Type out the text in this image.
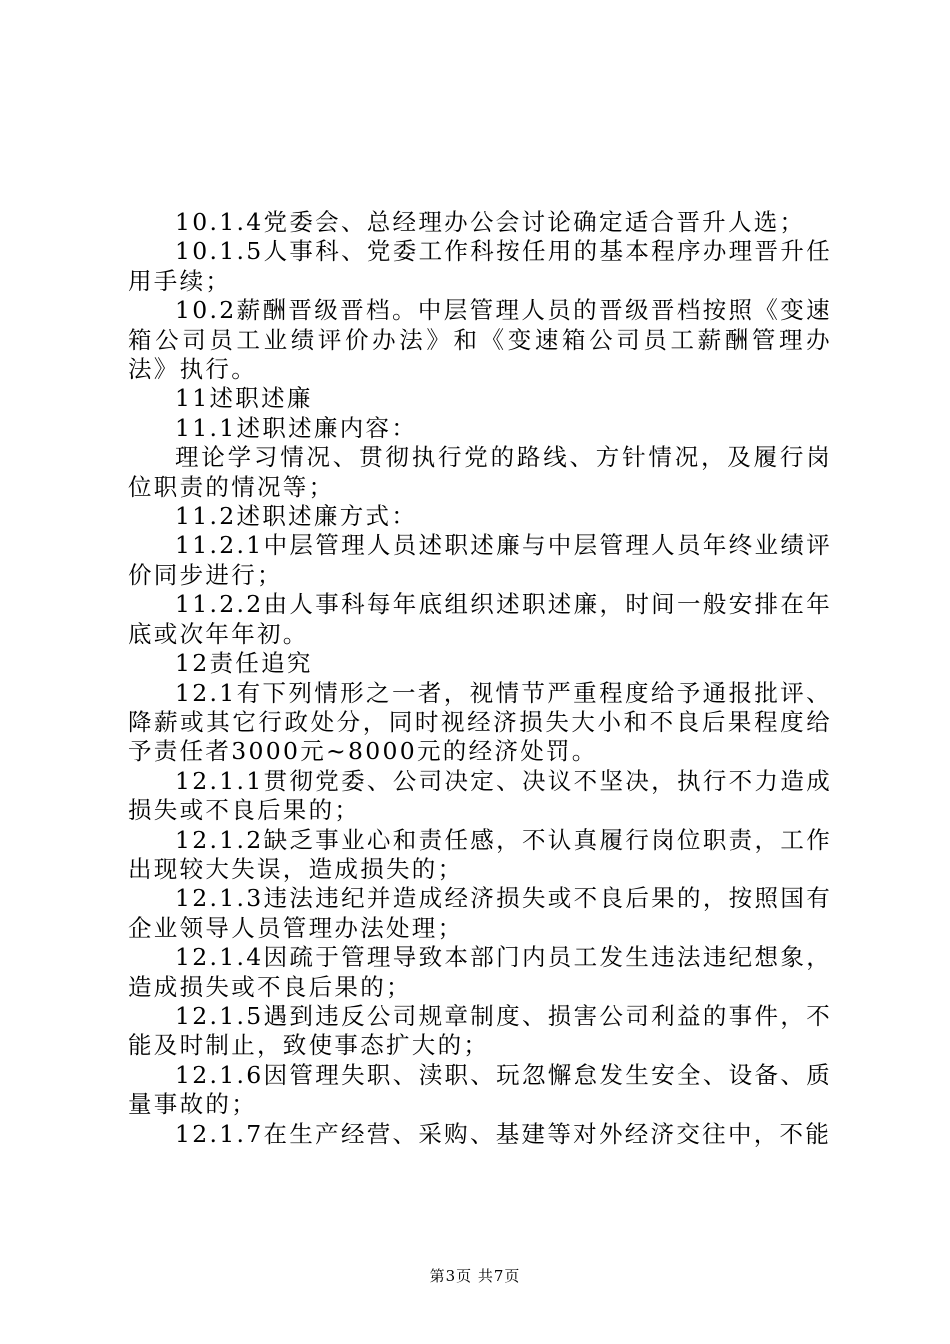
10.1.4党委会、总经理办公会讨论确定适合晋升人选；

10.1.5人事科、党委工作科按任用的基本程序办理晋升任用手续；

10.2薪酬晋级晋档。中层管理人员的晋级晋档按照《变速箱公司员工业绩评价办法》和《变速箱公司员工薪酬管理办法》执行。

11述职述廉

11.1述职述廉内容：

理论学习情况、贯彻执行党的路线、方针情况，及履行岗位职责的情况等；

11.2述职述廉方式：

11.2.1中层管理人员述职述廉与中层管理人员年终业绩评价同步进行；

11.2.2由人事科每年底组织述职述廉，时间一般安排在年底或次年年初。

12责任追究

12.1有下列情形之一者，视情节严重程度给予通报批评、降薪或其它行政处分，同时视经济损失大小和不良后果程度给予责任者3000元~8000元的经济处罚。

12.1.1贯彻党委、公司决定、决议不坚决，执行不力造成损失或不良后果的；

12.1.2缺乏事业心和责任感，不认真履行岗位职责，工作出现较大失误，造成损失的；

12.1.3违法违纪并造成经济损失或不良后果的，按照国有企业领导人员管理办法处理；

12.1.4因疏于管理导致本部门内员工发生违法违纪想象，造成损失或不良后果的；

12.1.5遇到违反公司规章制度、损害公司利益的事件，不能及时制止，致使事态扩大的；

12.1.6因管理失职、渎职、玩忽懈怠发生安全、设备、质量事故的；

12.1.7在生产经营、采购、基建等对外经济交往中，不能

第3页 共7页
